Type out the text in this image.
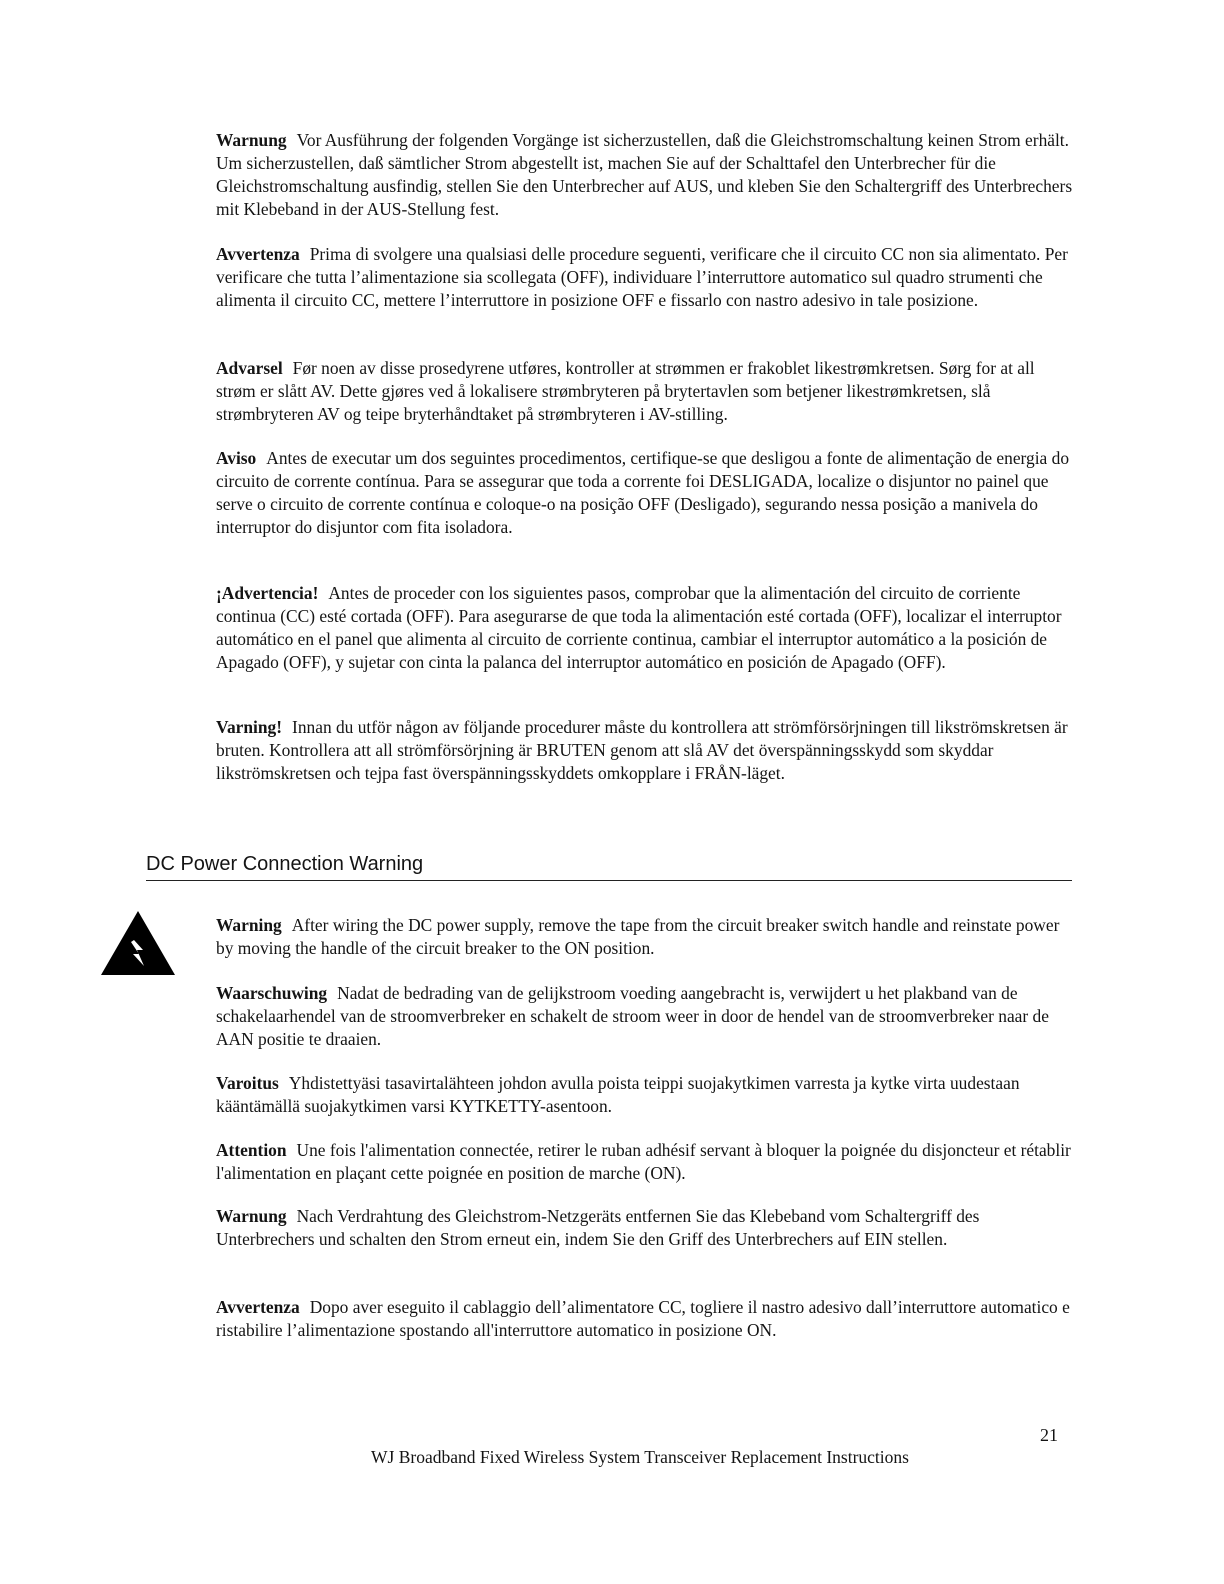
Warnung Vor Ausführung der folgenden Vorgänge ist sicherzustellen, daß die Gleichstromschaltung keinen Strom erhält. Um sicherzustellen, daß sämtlicher Strom abgestellt ist, machen Sie auf der Schalttafel den Unterbrecher für die Gleichstromschaltung ausfindig, stellen Sie den Unterbrecher auf AUS, und kleben Sie den Schaltergriff des Unterbrechers mit Klebeband in der AUS-Stellung fest.

Avvertenza Prima di svolgere una qualsiasi delle procedure seguenti, verificare che il circuito CC non sia alimentato. Per verificare che tutta l’alimentazione sia scollegata (OFF), individuare l’interruttore automatico sul quadro strumenti che alimenta il circuito CC, mettere l’interruttore in posizione OFF e fissarlo con nastro adesivo in tale posizione.

Advarsel Før noen av disse prosedyrene utføres, kontroller at strømmen er frakoblet likestrømkretsen. Sørg for at all strøm er slått AV. Dette gjøres ved å lokalisere strømbryteren på brytertavlen som betjener likestrømkretsen, slå strømbryteren AV og teipe bryterhåndtaket på strømbryteren i AV-stilling.

Aviso Antes de executar um dos seguintes procedimentos, certifique-se que desligou a fonte de alimentação de energia do circuito de corrente contínua. Para se assegurar que toda a corrente foi DESLIGADA, localize o disjuntor no painel que serve o circuito de corrente contínua e coloque-o na posição OFF (Desligado), segurando nessa posição a manivela do interruptor do disjuntor com fita isoladora.

¡Advertencia! Antes de proceder con los siguientes pasos, comprobar que la alimentación del circuito de corriente continua (CC) esté cortada (OFF). Para asegurarse de que toda la alimentación esté cortada (OFF), localizar el interruptor automático en el panel que alimenta al circuito de corriente continua, cambiar el interruptor automático a la posición de Apagado (OFF), y sujetar con cinta la palanca del interruptor automático en posición de Apagado (OFF).

Varning! Innan du utför någon av följande procedurer måste du kontrollera att strömförsörjningen till likströmskretsen är bruten. Kontrollera att all strömförsörjning är BRUTEN genom att slå AV det överspänningsskydd som skyddar likströmskretsen och tejpa fast överspänningsskyddets omkopplare i FRÅN-läget.

DC Power Connection Warning

Warning After wiring the DC power supply, remove the tape from the circuit breaker switch handle and reinstate power by moving the handle of the circuit breaker to the ON position.

Waarschuwing Nadat de bedrading van de gelijkstroom voeding aangebracht is, verwijdert u het plakband van de schakelaarhendel van de stroomverbreker en schakelt de stroom weer in door de hendel van de stroomverbreker naar de AAN positie te draaien.

Varoitus Yhdistettyäsi tasavirtalähteen johdon avulla poista teippi suojakytkimen varresta ja kytke virta uudestaan kääntämällä suojakytkimen varsi KYTKETTY-asentoon.

Attention Une fois l'alimentation connectée, retirer le ruban adhésif servant à bloquer la poignée du disjoncteur et rétablir l'alimentation en plaçant cette poignée en position de marche (ON).

Warnung Nach Verdrahtung des Gleichstrom-Netzgeräts entfernen Sie das Klebeband vom Schaltergriff des Unterbrechers und schalten den Strom erneut ein, indem Sie den Griff des Unterbrechers auf EIN stellen.

Avvertenza Dopo aver eseguito il cablaggio dell’alimentatore CC, togliere il nastro adesivo dall’interruttore automatico e ristabilire l’alimentazione spostando all'interruttore automatico in posizione ON.

21
WJ Broadband Fixed Wireless System Transceiver Replacement Instructions
